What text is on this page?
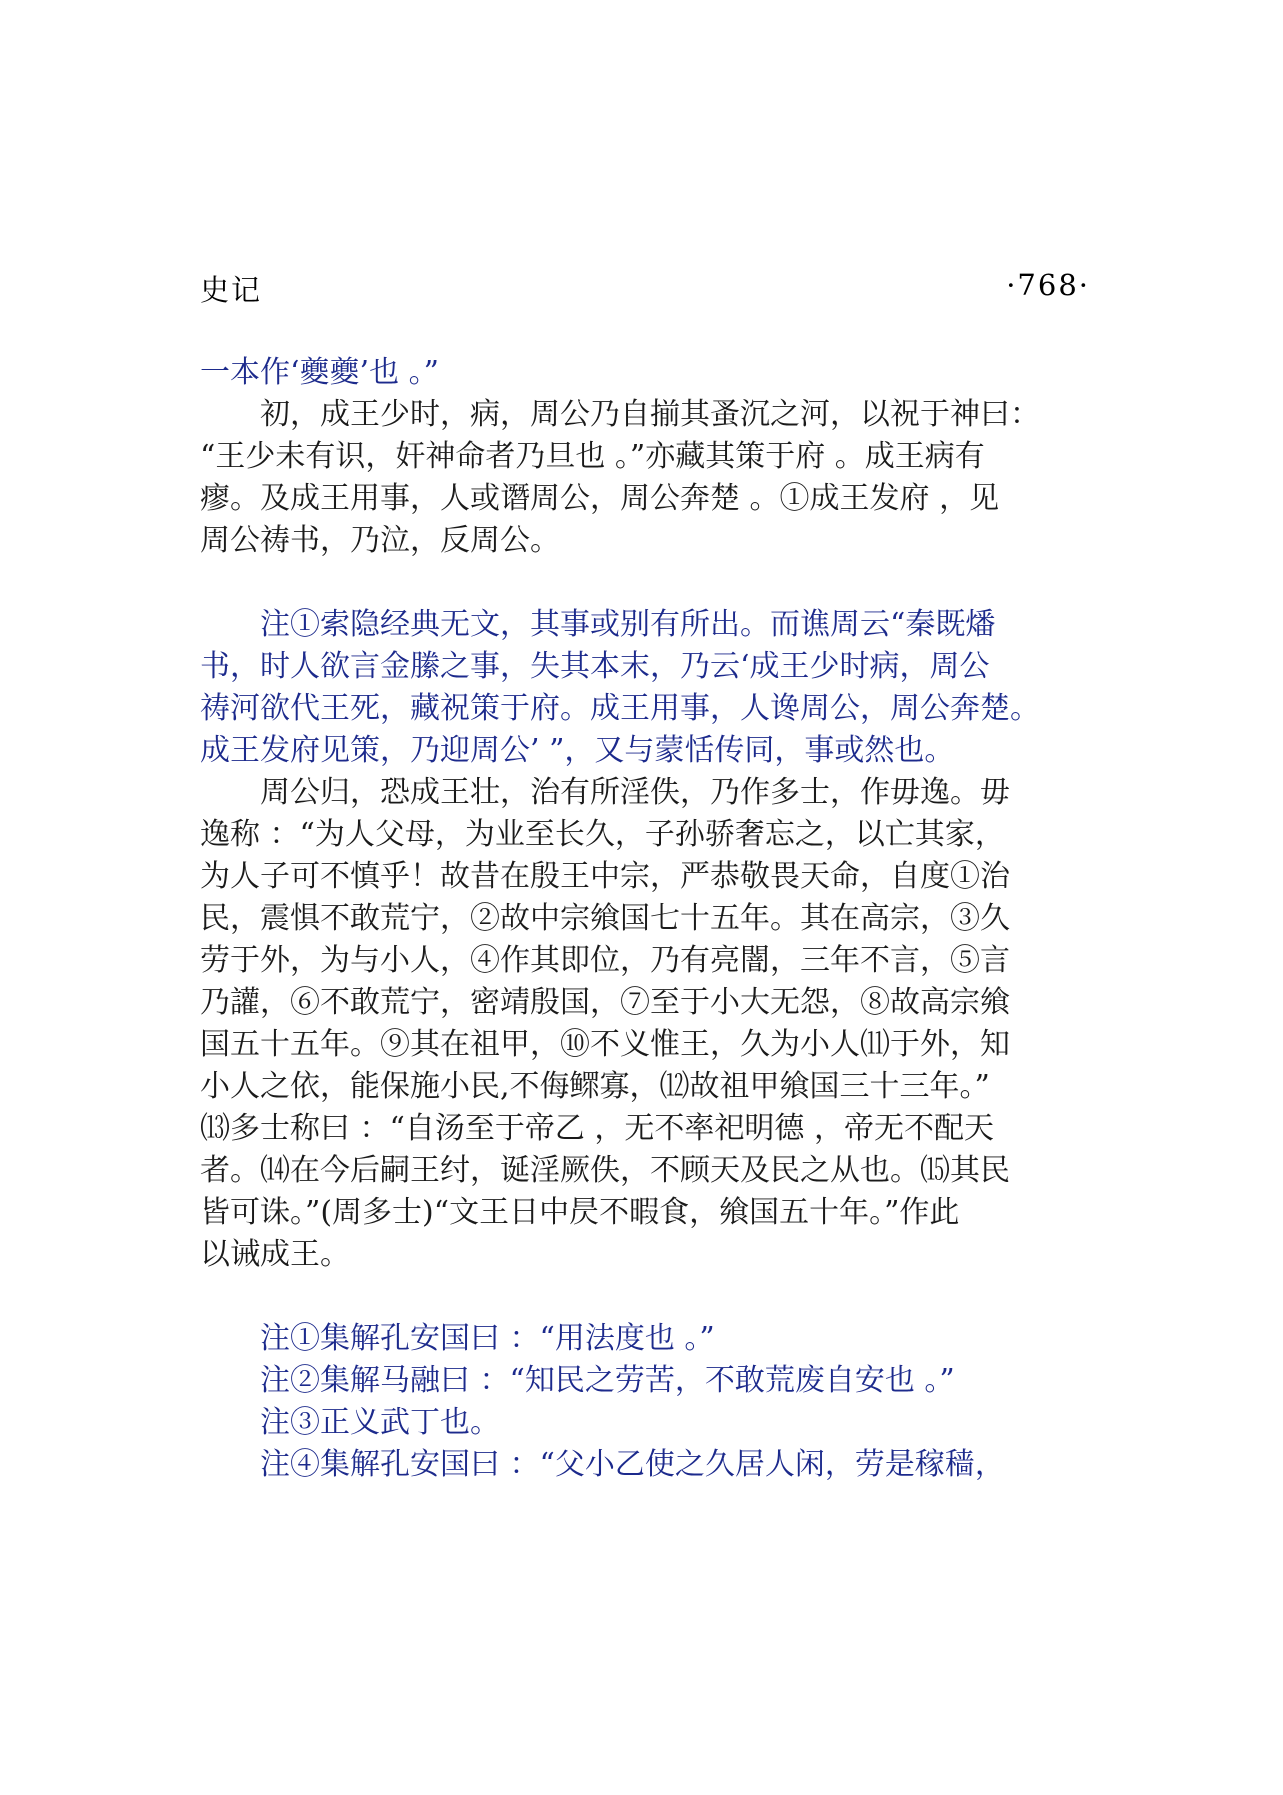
史记	·768·
一本作‘夔夔’也 。”
　　初，成王少时，病，周公乃自揃其蚤沉之河，以祝于神曰：
“王少未有识，奸神命者乃旦也 。”亦藏其策于府 。成王病有
瘳。及成王用事，人或谮周公，周公奔楚 。①成王发府 ，见
周公祷书，乃泣，反周公。
　　注①索隐经典无文，其事或别有所出。而谯周云“秦既燔
书，时人欲言金縢之事，失其本末，乃云‘成王少时病，周公
祷河欲代王死，藏祝策于府。成王用事，人谗周公，周公奔楚。
成王发府见策，乃迎周公’ ”，又与蒙恬传同，事或然也。
　　周公归，恐成王壮，治有所淫佚，乃作多士，作毋逸。毋
逸称 ：“为人父母，为业至长久，子孙骄奢忘之，以亡其家，
为人子可不慎乎！故昔在殷王中宗，严恭敬畏天命，自度①治
民，震惧不敢荒宁，②故中宗飨国七十五年。其在高宗，③久
劳于外，为与小人，④作其即位，乃有亮闇，三年不言，⑤言
乃讙，⑥不敢荒宁，密靖殷国，⑦至于小大无怨，⑧故高宗飨
国五十五年。⑨其在祖甲，⑩不义惟王，久为小人⑾于外，知
小人之依，能保施小民,不侮鳏寡，⑿故祖甲飨国三十三年。”
⒀多士称曰 ：“自汤至于帝乙 ，无不率祀明德 ，帝无不配天
者。⒁在今后嗣王纣，诞淫厥佚，不顾天及民之从也。⒂其民
皆可诛。”(周多士)“文王日中昃不暇食，飨国五十年。”作此
以诫成王。
　　注①集解孔安国曰 ：“用法度也 。”
　　注②集解马融曰 ：“知民之劳苦，不敢荒废自安也 。”
　　注③正义武丁也。
　　注④集解孔安国曰 ：“父小乙使之久居人闲，劳是稼穑，
